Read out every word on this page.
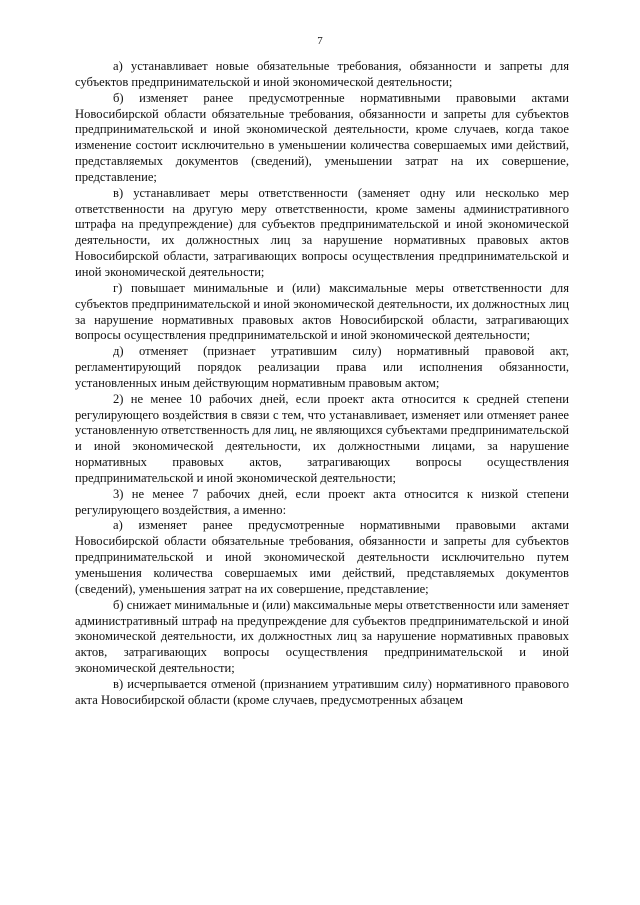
7

а) устанавливает новые обязательные требования, обязанности и запреты для субъектов предпринимательской и иной экономической деятельности;

б) изменяет ранее предусмотренные нормативными правовыми актами Новосибирской области обязательные требования, обязанности и запреты для субъектов предпринимательской и иной экономической деятельности, кроме случаев, когда такое изменение состоит исключительно в уменьшении количества совершаемых ими действий, представляемых документов (сведений), уменьшении затрат на их совершение, представление;

в) устанавливает меры ответственности (заменяет одну или несколько мер ответственности на другую меру ответственности, кроме замены административного штрафа на предупреждение) для субъектов предпринимательской и иной экономической деятельности, их должностных лиц за нарушение нормативных правовых актов Новосибирской области, затрагивающих вопросы осуществления предпринимательской и иной экономической деятельности;

г) повышает минимальные и (или) максимальные меры ответственности для субъектов предпринимательской и иной экономической деятельности, их должностных лиц за нарушение нормативных правовых актов Новосибирской области, затрагивающих вопросы осуществления предпринимательской и иной экономической деятельности;

д) отменяет (признает утратившим силу) нормативный правовой акт, регламентирующий порядок реализации права или исполнения обязанности, установленных иным действующим нормативным правовым актом;

2) не менее 10 рабочих дней, если проект акта относится к средней степени регулирующего воздействия в связи с тем, что устанавливает, изменяет или отменяет ранее установленную ответственность для лиц, не являющихся субъектами предпринимательской и иной экономической деятельности, их должностными лицами, за нарушение нормативных правовых актов, затрагивающих вопросы осуществления предпринимательской и иной экономической деятельности;

3) не менее 7 рабочих дней, если проект акта относится к низкой степени регулирующего воздействия, а именно:

а) изменяет ранее предусмотренные нормативными правовыми актами Новосибирской области обязательные требования, обязанности и запреты для субъектов предпринимательской и иной экономической деятельности исключительно путем уменьшения количества совершаемых ими действий, представляемых документов (сведений), уменьшения затрат на их совершение, представление;

б) снижает минимальные и (или) максимальные меры ответственности или заменяет административный штраф на предупреждение для субъектов предпринимательской и иной экономической деятельности, их должностных лиц за нарушение нормативных правовых актов, затрагивающих вопросы осуществления предпринимательской и иной экономической деятельности;

в) исчерпывается отменой (признанием утратившим силу) нормативного правового акта Новосибирской области (кроме случаев, предусмотренных абзацем
